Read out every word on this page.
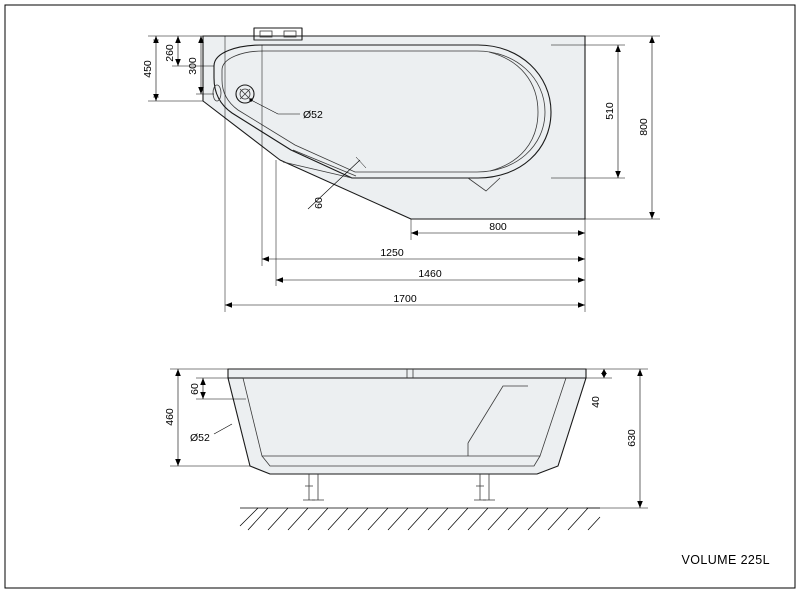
450	300
260
510
800
800
1250
1460
1700
60
Ø52
460
60
Ø52
40
630
VOLUME 225L
